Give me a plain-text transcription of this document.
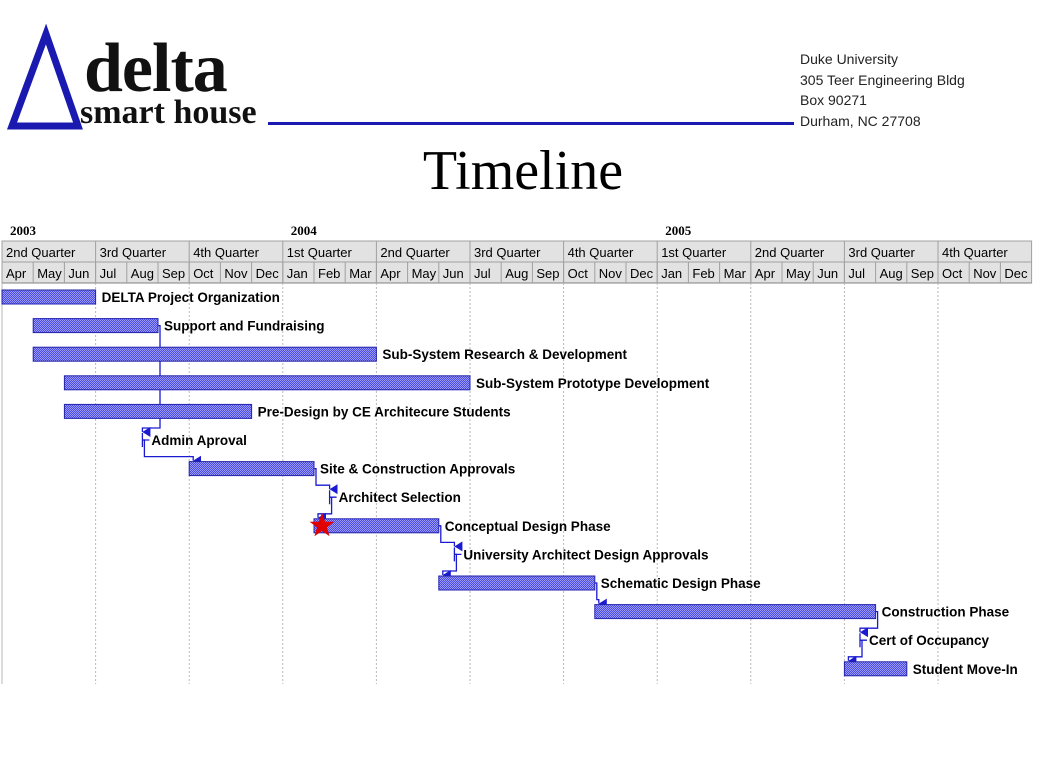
delta
smart house
Duke University
305 Teer Engineering Bldg
Box 90271
Durham, NC 27708
Timeline
2003	2004	2005
2nd Quarter 3rd Quarter 4th Quarter 1st Quarter 2nd Quarter 3rd Quarter 4th Quarter 1st Quarter 2nd Quarter 3rd Quarter 4th Quarter
Apr May Jun Jul Aug Sep Oct Nov Dec Jan Feb Mar Apr May Jun Jul Aug Sep Oct Nov Dec Jan Feb Mar Apr May Jun Jul Aug Sep Oct Nov Dec
DELTA Project Organization
Support and Fundraising
Sub-System Research & Development
Sub-System Prototype Development
Pre-Design by CE Architecure Students
Admin Aproval
Site & Construction Approvals
Architect Selection
Conceptual Design Phase
University Architect Design Approvals
Schematic Design Phase
Construction Phase
Cert of Occupancy
Student Move-In
